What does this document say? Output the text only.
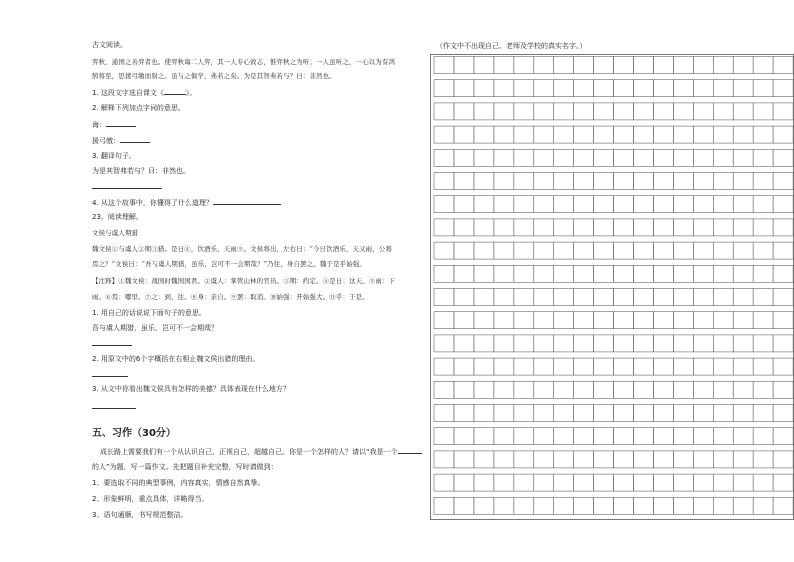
古文阅读。
弈秋，通国之善弈者也。使弈秋诲二人弈，其一人专心致志，惟弈秋之为听；一人虽听之，一心以为有鸿
鹄将至，思援弓缴而射之。虽与之俱学，弗若之矣。为是其智弗若与？曰：非然也。
1. 这段文字选自课文《	》。
2. 解释下列加点字词的意思。
诲：
援弓缴：
3. 翻译句子。
为是其智弗若与？曰：非然也。
4. 从这个故事中，你懂得了什么道理？
23、阅读理解。
文侯与虞人期猎
魏文侯①与虞人②期③猎。是日④，饮酒乐，天雨⑤。文侯将出，左右曰：“今日饮酒乐，天又雨，公将
焉之？”文侯曰：“吾与虞人期猎，虽乐，岂可不一会期哉？”乃往，身自罢之。魏于是乎始强。
【注释】①魏文侯：战国时魏国国君。②虞人：掌管山林的官员。③期：约定。④是日：这天。⑤雨：下
雨。⑥焉：哪里。⑦之：到，往。⑧身：亲自。⑨罢：取消。⑩始强：开始强大。⑪乎：于是。
1. 用自己的话说说下面句子的意思。
吾与虞人期猎，虽乐，岂可不一会期哉？
2. 用原文中的6个字概括在右相止魏文侯出猎的理由。
3. 从文中你看出魏文侯具有怎样的美德？具体表现在什么地方？
五、习作（30分）
成长路上需要我们有一个从认识自己，正视自己，超越自己。你是一个怎样的人？请以“我是一个
的人”为题，写一篇作文。先把题目补充完整，写时请做到：
1、要选取不同的典型事例，内容真实，情感自然真挚。
2、形象鲜明，重点具体，详略得当。
3、语句通顺，书写规范整洁。
（作文中不出现自己、老师及学校的真实名字。）
